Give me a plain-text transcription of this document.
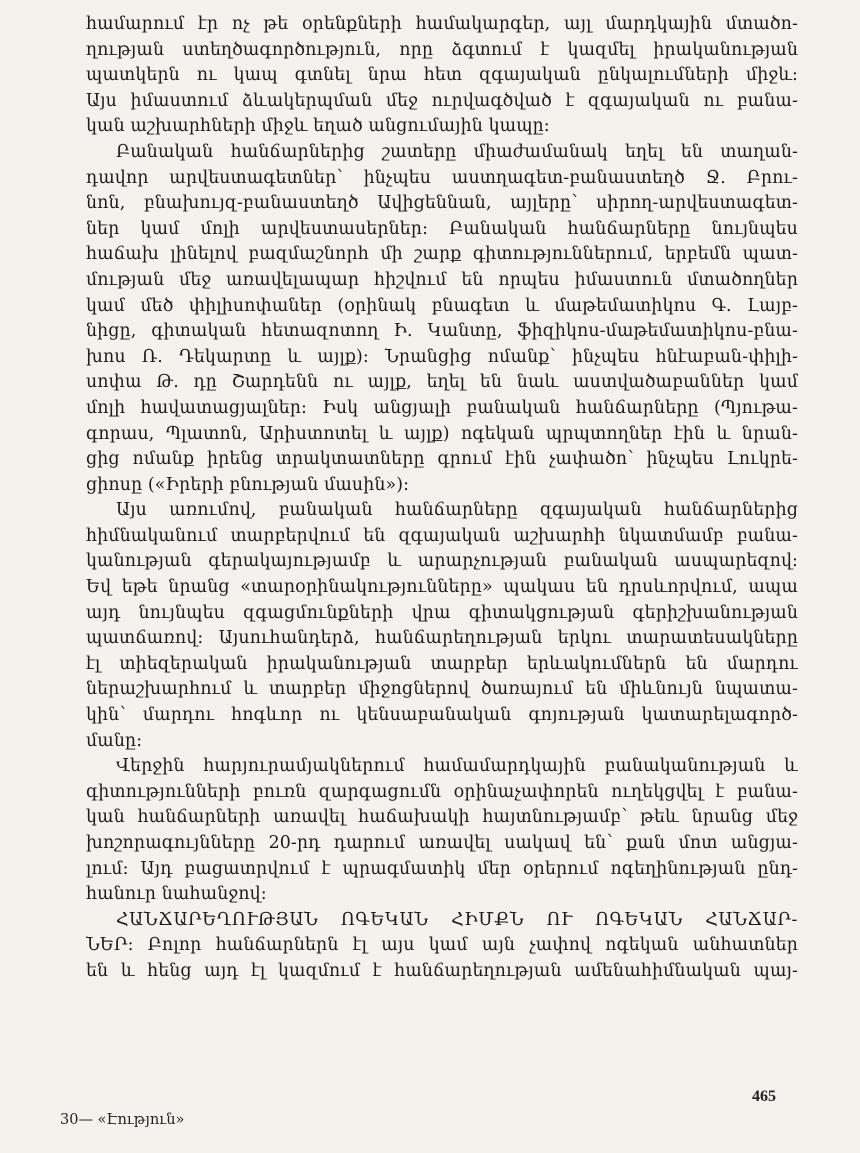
համարում էր ոչ թե օրենքների համակարգեր, այլ մարդկային մտածո-
ղության ստեղծագործություն, որը ձգտում է կազմել իրականության
պատկերն ու կապ գտնել նրա հետ զգայական ընկալումների միջև:
Այս իմաստում ձևակերպման մեջ ուրվագծված է զգայական ու բանա-
կան աշխարհների միջև եղած անցումային կապը:
Բանական հանճարներից շատերը միաժամանակ եղել են տաղան-
դավոր արվեստագետներ՝ ինչպես աստղագետ-բանաստեղծ Ջ. Բրու-
նոն, բնախույզ-բանաստեղծ Ավիցեննան, այլերը՝ սիրող-արվեստագետ-
ներ կամ մոլի արվեստասերներ: Բանական հանճարները նույնպես
հաճախ լինելով բազմաշնորհ մի շարք գիտություններում, երբեմն պատ-
մության մեջ առավելապար հիշվում են որպես իմաստուն մտածողներ
կամ մեծ փիլիսոփաներ (օրինակ բնագետ և մաթեմատիկոս Գ. Լայբ-
նիցը, գիտական հետազոտող Ի. Կանտը, ֆիզիկոս-մաթեմատիկոս-բնա-
խոս Ռ. Դեկարտը և այլք): Նրանցից ոմանք՝ ինչպես հնէաբան-փիլի-
սոփա Թ. դը Շարդենն ու այլք, եղել են նաև աստվածաբաններ կամ
մոլի հավատացյալներ: Իսկ անցյալի բանական հանճարները (Պյութա-
գորաս, Պլատոն, Արիստոտել և այլք) ոգեկան պրպտողներ էին և նրան-
ցից ոմանք իրենց տրակտատները գրում էին չափածո՝ ինչպես Լուկրե-
ցիոսը («Իրերի բնության մասին»):
Այս առումով, բանական հանճարները զգայական հանճարներից
հիմնականում տարբերվում են զգայական աշխարհի նկատմամբ բանա-
կանության գերակայությամբ և արարչության բանական ասպարեզով:
Եվ եթե նրանց «տարօրինակությունները» պակաս են դրսևորվում, ապա
այդ նույնպես զգացմունքների վրա գիտակցության գերիշխանության
պատճառով: Այսուհանդերձ, հանճարեղության երկու տարատեսակները
էլ տիեզերական իրականության տարբեր երևակումներն են մարդու
ներաշխարհում և տարբեր միջոցներով ծառայում են միևնույն նպատա-
կին՝ մարդու հոգևոր ու կենսաբանական գոյության կատարելագործ-
մանը:
Վերջին հարյուրամյակներում համամարդկային բանականության և
գիտությունների բուռն զարգացումն օրինաչափորեն ուղեկցվել է բանա-
կան հանճարների առավել հաճախակի հայտնությամբ՝ թեև նրանց մեջ
խոշորագույնները 20-րդ դարում առավել սակավ են՝ քան մոտ անցյա-
լում: Այդ բացատրվում է պրագմատիկ մեր օրերում ոգեղինության ընդ-
հանուր նահանջով:
ՀԱՆՃԱՐԵՂՈՒԹՅԱՆ ՈԳԵԿԱՆ ՀԻՄՔՆ ՈՒ ՈԳԵԿԱՆ ՀԱՆՃԱՐ-
ՆԵՐ: Բոլոր հանճարներն էլ այս կամ այն չափով ոգեկան անհատներ
են և հենց այդ էլ կազմում է հանճարեղության ամենահիմնական պայ-
465
30— «Էություն»
